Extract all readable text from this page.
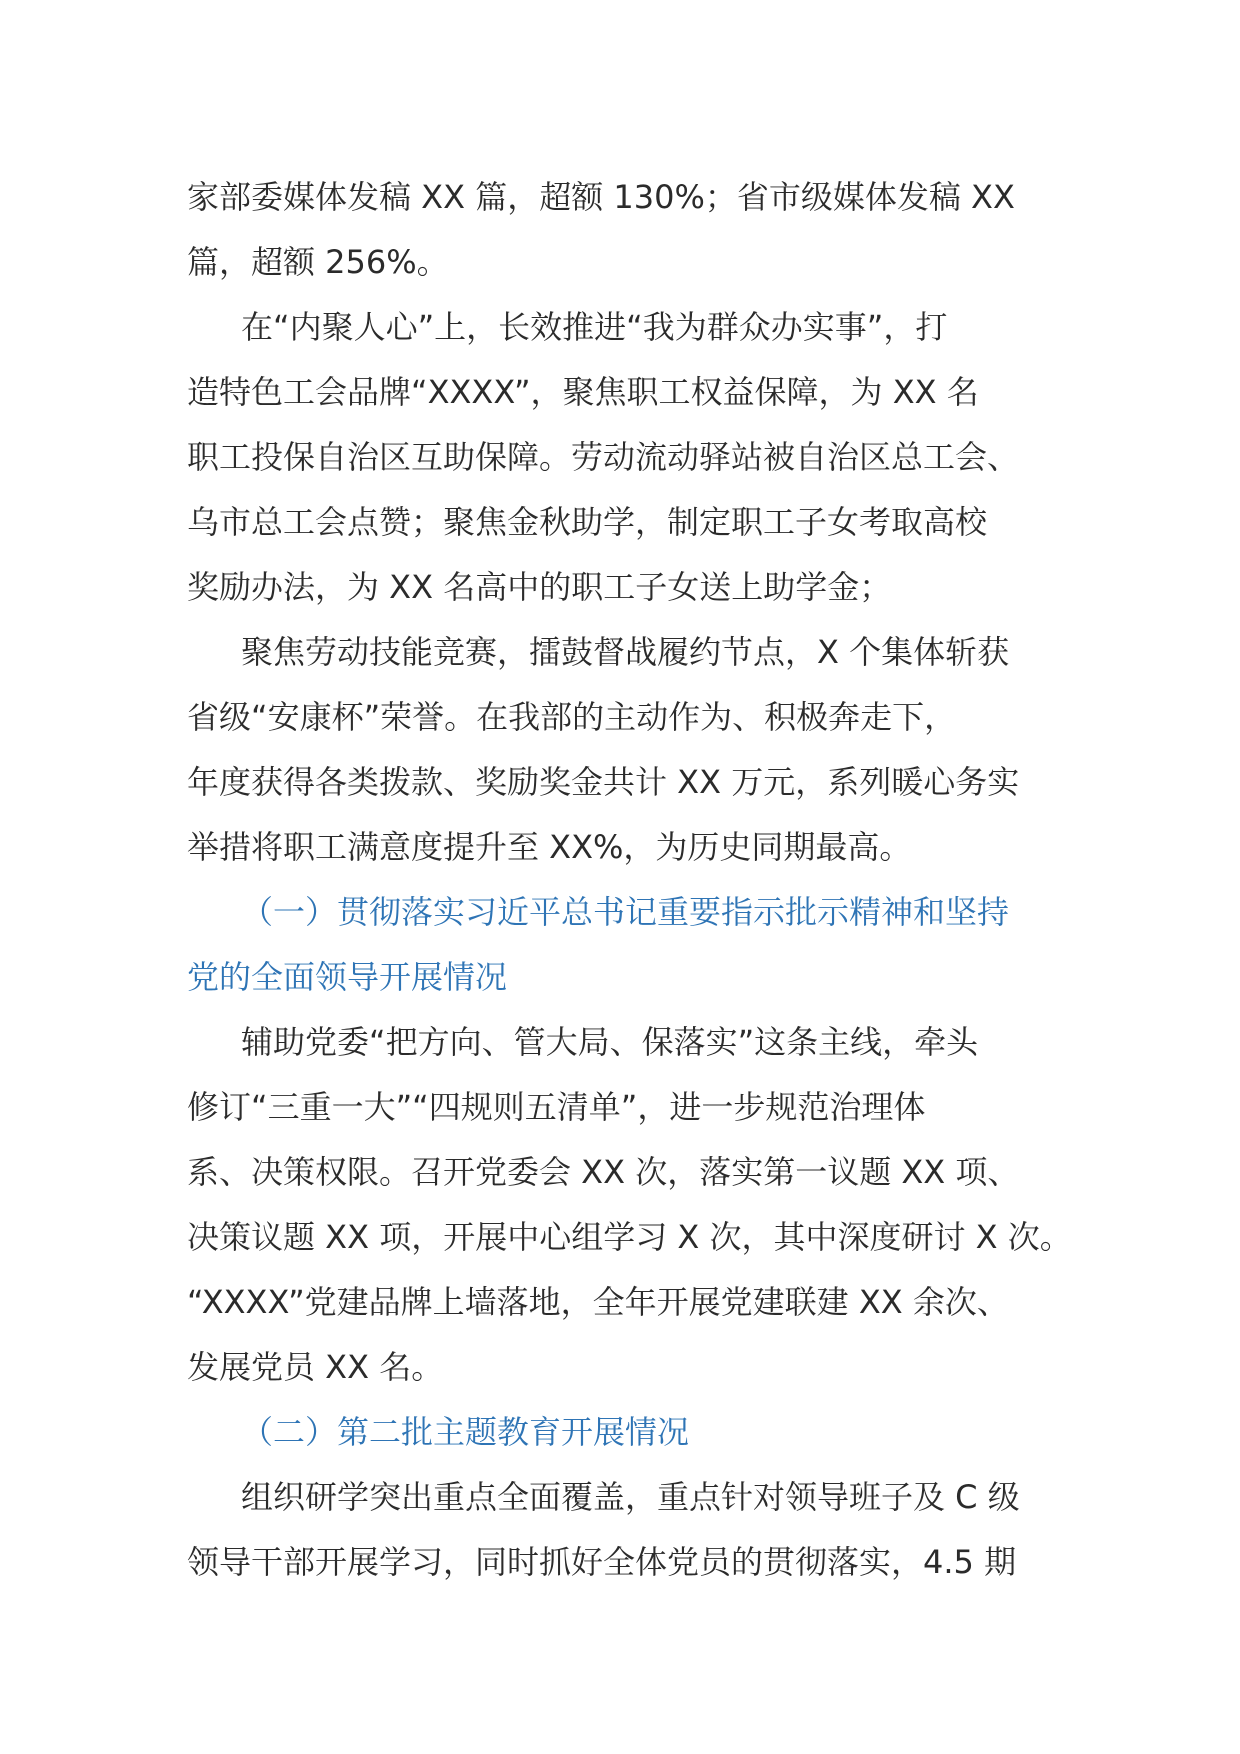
家部委媒体发稿 XX 篇，超额 130%；省市级媒体发稿 XX
篇，超额 256%。
在“内聚人心”上，长效推进“我为群众办实事”，打
造特色工会品牌“XXXX”，聚焦职工权益保障，为 XX 名
职工投保自治区互助保障。劳动流动驿站被自治区总工会、
乌市总工会点赞；聚焦金秋助学，制定职工子女考取高校
奖励办法，为 XX 名高中的职工子女送上助学金；
聚焦劳动技能竞赛，擂鼓督战履约节点，X 个集体斩获
省级“安康杯”荣誉。在我部的主动作为、积极奔走下，
年度获得各类拨款、奖励奖金共计 XX 万元，系列暖心务实
举措将职工满意度提升至 XX%，为历史同期最高。
（一）贯彻落实习近平总书记重要指示批示精神和坚持
党的全面领导开展情况
辅助党委“把方向、管大局、保落实”这条主线，牵头
修订“三重一大”“四规则五清单”，进一步规范治理体
系、决策权限。召开党委会 XX 次，落实第一议题 XX 项、
决策议题 XX 项，开展中心组学习 X 次，其中深度研讨 X 次。
“XXXX”党建品牌上墙落地，全年开展党建联建 XX 余次、
发展党员 XX 名。
（二）第二批主题教育开展情况
组织研学突出重点全面覆盖，重点针对领导班子及 C 级
领导干部开展学习，同时抓好全体党员的贯彻落实，4.5 期
